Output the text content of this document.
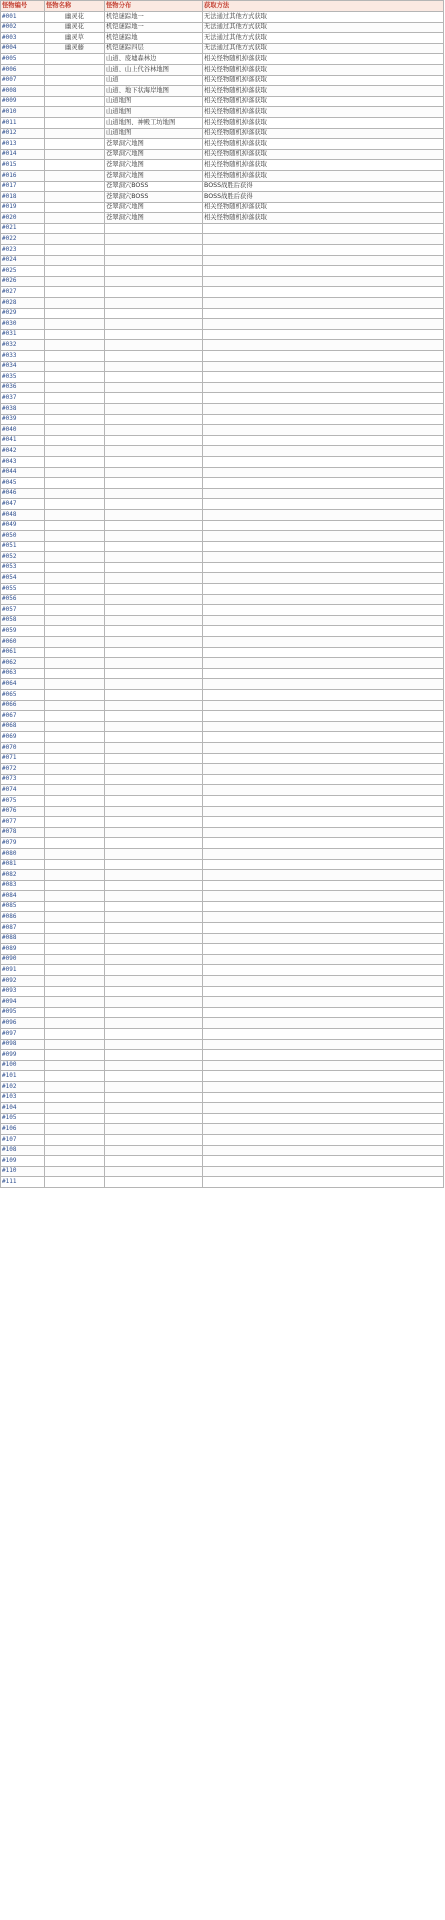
怪物编号	怪物名称	怪物分布	获取方法
#001	幽灵花	机铠谜踪地一	无法通过其他方式获取
#002	幽灵花	机铠谜踪地一	无法通过其他方式获取
#003	幽灵草	机铠谜踪地	无法通过其他方式获取
#004	幽灵藤	机铠谜踪四层	无法通过其他方式获取
#005		山道、废墟森林边	相关怪物随机掉落获取
#006		山道、山上代谷林地图	相关怪物随机掉落获取
#007		山道	相关怪物随机掉落获取
#008		山道、地下状海岸地图	相关怪物随机掉落获取
#009		山道地图	相关怪物随机掉落获取
#010		山道地图	相关怪物随机掉落获取
#011		山道地图、神殿工坊地图	相关怪物随机掉落获取
#012		山道地图	相关怪物随机掉落获取
#013		苍翠洞穴地图	相关怪物随机掉落获取
#014		苍翠洞穴地图	相关怪物随机掉落获取
#015		苍翠洞穴地图	相关怪物随机掉落获取
#016		苍翠洞穴地图	相关怪物随机掉落获取
#017		苍翠洞穴BOSS	BOSS战胜后获得
#018		苍翠洞穴BOSS	BOSS战胜后获得
#019		苍翠洞穴地图	相关怪物随机掉落获取
#020		苍翠洞穴地图	相关怪物随机掉落获取
#021			
#022			
#023			
#024			
#025			
#026			
#027			
#028			
#029			
#030			
#031			
#032			
#033			
#034			
#035			
#036			
#037			
#038			
#039			
#040			
#041			
#042			
#043			
#044			
#045			
#046			
#047			
#048			
#049			
#050			
#051			
#052			
#053			
#054			
#055			
#056			
#057			
#058			
#059			
#060			
#061			
#062			
#063			
#064			
#065			
#066			
#067			
#068			
#069			
#070			
#071			
#072			
#073			
#074			
#075			
#076			
#077			
#078			
#079			
#080			
#081			
#082			
#083			
#084			
#085			
#086			
#087			
#088			
#089			
#090			
#091			
#092			
#093			
#094			
#095			
#096			
#097			
#098			
#099			
#100			
#101			
#102			
#103			
#104			
#105			
#106			
#107			
#108			
#109			
#110			
#111			
